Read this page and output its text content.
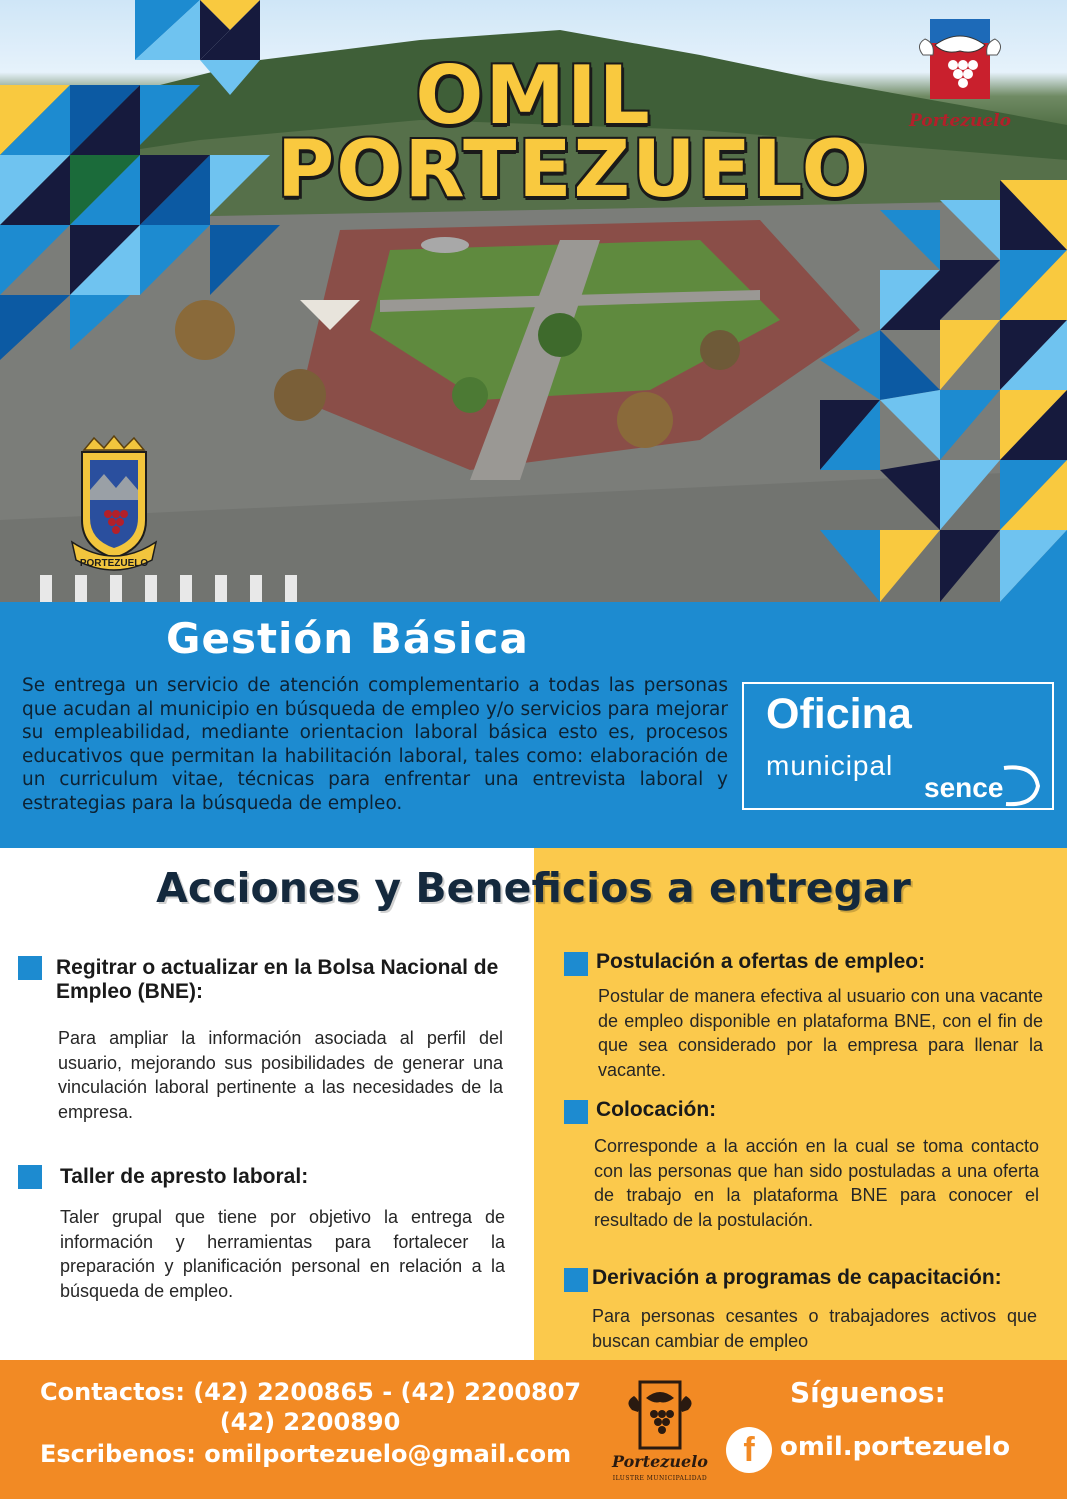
OMIL
PORTEZUELO
Portezuelo
PORTEZUELO
Gestión Básica

Se entrega un servicio de atención complementario a todas las personas que acudan al municipio en búsqueda de empleo y/o servicios para mejorar su empleabilidad, mediante orientacion laboral básica esto es, procesos educativos que permitan la habilitación laboral, tales como: elaboración de un curriculum vitae, técnicas para enfrentar una entrevista laboral y estrategias para la búsqueda de empleo.

Oficina
municipal
sence
Acciones y Beneficios a entregar

Regitrar o actualizar en la Bolsa Nacional de Empleo (BNE):

Para ampliar la información asociada al perfil del usuario, mejorando sus posibilidades de generar una vinculación laboral pertinente a las necesidades de la empresa.

Taller de apresto laboral:

Taler grupal que tiene por objetivo la entrega de información y herramientas para fortalecer la preparación y planificación personal en relación a la búsqueda de empleo.

Postulación a ofertas de empleo:

Postular de manera efectiva al usuario con una vacante de empleo disponible en plataforma BNE, con el fin de que sea considerado por la empresa para llenar la vacante.

Colocación:

Corresponde a la acción en la cual se toma contacto con las personas que han sido postuladas a una oferta de trabajo en la plataforma BNE para conocer el resultado de la postulación.

Derivación a programas de capacitación:

Para personas cesantes o trabajadores activos que buscan cambiar de empleo

Contactos: (42) 2200865 - (42) 2200807
(42) 2200890
Escribenos: omilportezuelo@gmail.com	Portezuelo
ILUSTRE MUNICIPALIDAD
Síguenos:
f omil.portezuelo
